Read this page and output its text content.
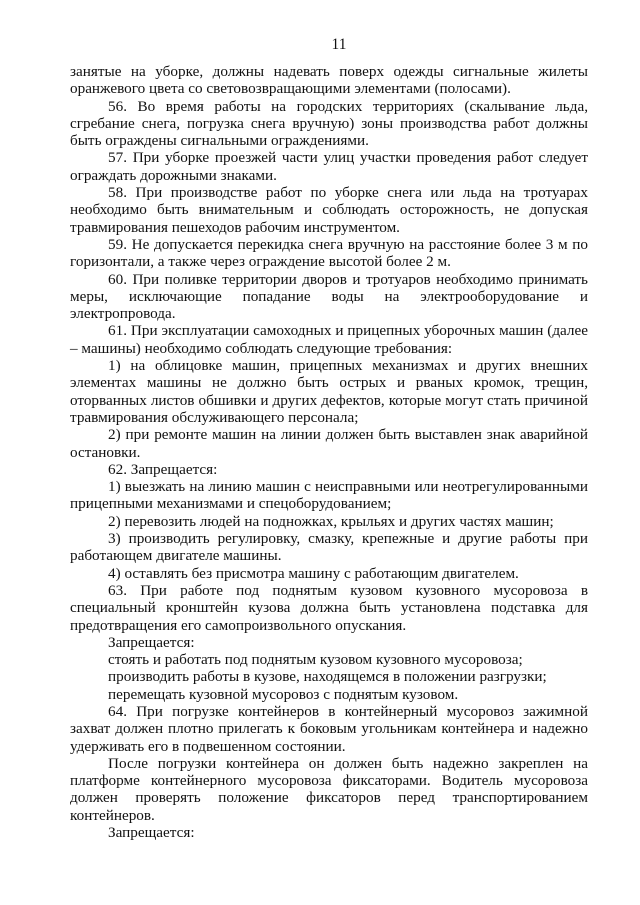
11

занятые на уборке, должны надевать поверх одежды сигнальные жилеты оранжевого цвета со световозвращающими элементами (полосами).

56. Во время работы на городских территориях (скалывание льда, сгребание снега, погрузка снега вручную) зоны производства работ должны быть ограждены сигнальными ограждениями.

57. При уборке проезжей части улиц участки проведения работ следует ограждать дорожными знаками.

58. При производстве работ по уборке снега или льда на тротуарах необходимо быть внимательным и соблюдать осторожность, не допуская травмирования пешеходов рабочим инструментом.

59. Не допускается перекидка снега вручную на расстояние более 3 м по горизонтали, а также через ограждение высотой более 2 м.

60. При поливке территории дворов и тротуаров необходимо принимать меры, исключающие попадание воды на электрооборудование и электропровода.

61. При эксплуатации самоходных и прицепных уборочных машин (далее – машины) необходимо соблюдать следующие требования:

1) на облицовке машин, прицепных механизмах и других внешних элементах машины не должно быть острых и рваных кромок, трещин, оторванных листов обшивки и других дефектов, которые могут стать причиной травмирования обслуживающего персонала;

2) при ремонте машин на линии должен быть выставлен знак аварийной остановки.

62. Запрещается:

1) выезжать на линию машин с неисправными или неотрегулированными прицепными механизмами и спецоборудованием;

2) перевозить людей на подножках, крыльях и других частях машин;

3) производить регулировку, смазку, крепежные и другие работы при работающем двигателе машины.

4) оставлять без присмотра машину с работающим двигателем.

63. При работе под поднятым кузовом кузовного мусоровоза в специальный кронштейн кузова должна быть установлена подставка для предотвращения его самопроизвольного опускания.

Запрещается:

стоять и работать под поднятым кузовом кузовного мусоровоза;

производить работы в кузове, находящемся в положении разгрузки;

перемещать кузовной мусоровоз с поднятым кузовом.

64. При погрузке контейнеров в контейнерный мусоровоз зажимной захват должен плотно прилегать к боковым угольникам контейнера и надежно удерживать его в подвешенном состоянии.

После погрузки контейнера он должен быть надежно закреплен на платформе контейнерного мусоровоза фиксаторами. Водитель мусоровоза должен проверять положение фиксаторов перед транспортированием контейнеров.

Запрещается:
